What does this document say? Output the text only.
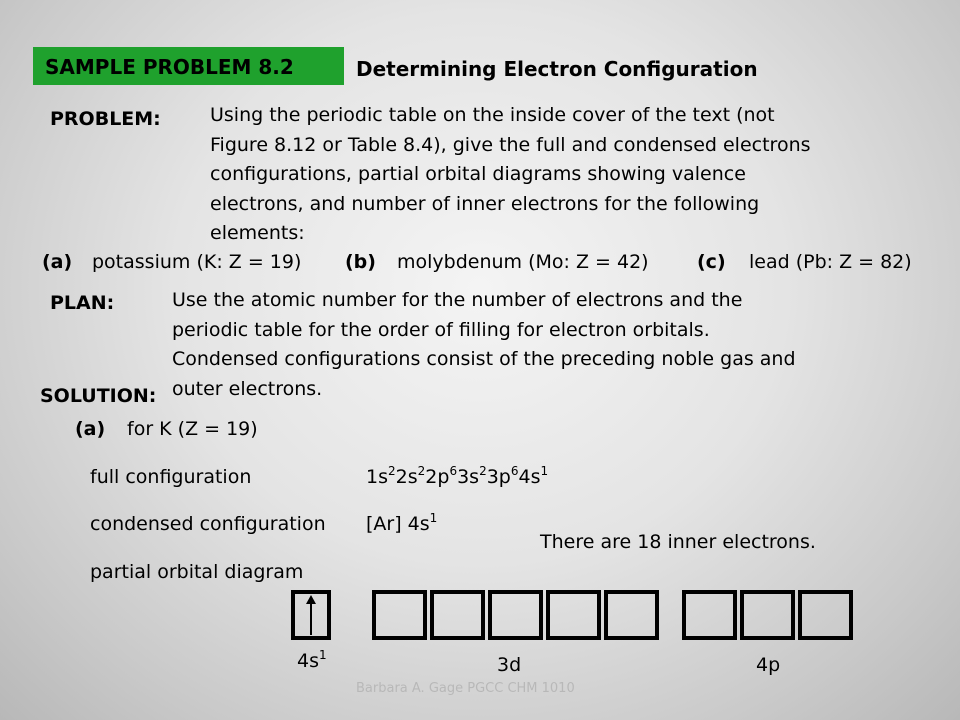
SAMPLE PROBLEM 8.2	Determining Electron Configuration
PROBLEM:	Using the periodic table on the inside cover of the text (not
Figure 8.12 or Table 8.4), give the full and condensed electrons
configurations, partial orbital diagrams showing valence
electrons, and number of inner electrons for the following
elements:
(a) potassium (K: Z = 19) (b) molybdenum (Mo: Z = 42)	(c) lead (Pb: Z = 82)
PLAN:	Use the atomic number for the number of electrons and the
periodic table for the order of filling for electron orbitals.
Condensed configurations consist of the preceding noble gas and
outer electrons.
SOLUTION:
(a) for K (Z = 19)
full configuration	$1s^22s^22p^63s^23p^64s^1$
condensed configuration [Ar] $4s^1$
There are 18 inner electrons.
partial orbital diagram
$4s^1$	3d	4p
Barbara A. Gage PGCC CHM 1010
